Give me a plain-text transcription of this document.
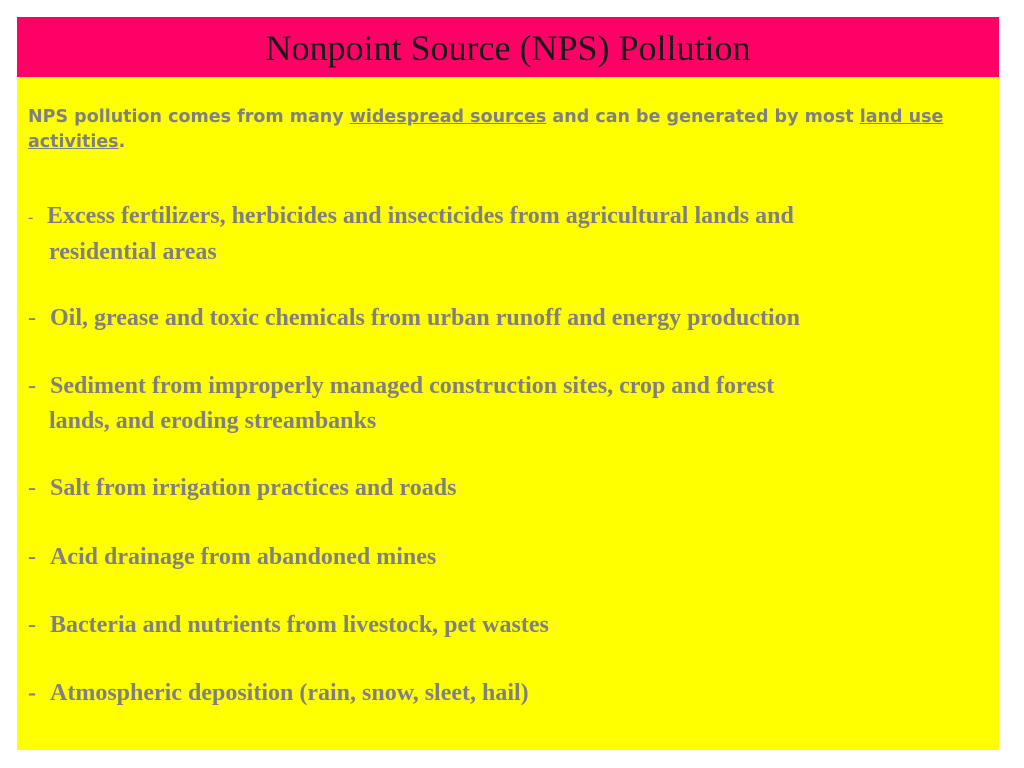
Nonpoint Source (NPS) Pollution
NPS pollution comes from many widespread sources and can be generated by most land use activities.
- Excess fertilizers, herbicides and insecticides from agricultural lands and
residential areas
- Oil, grease and toxic chemicals from urban runoff and energy production
- Sediment from improperly managed construction sites, crop and forest
lands, and eroding streambanks
- Salt from irrigation practices and roads
- Acid drainage from abandoned mines
- Bacteria and nutrients from livestock, pet wastes
- Atmospheric deposition (rain, snow, sleet, hail)
